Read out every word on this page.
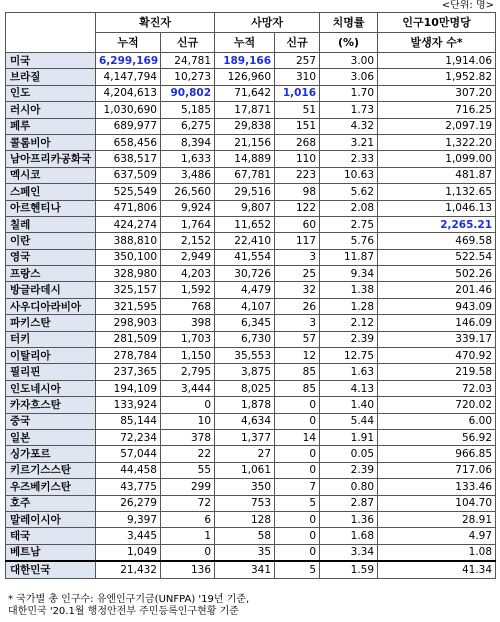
<단위: 명>
	확진자		사망자		치명률	인구10만명당
	누적	신규	누적	신규	(%)	발생자 수*
미국	6,299,169	24,781	189,166	257	3.00	1,914.06
브라질	4,147,794	10,273	126,960	310	3.06	1,952.82
인도	4,204,613	90,802	71,642	1,016	1.70	307.20
러시아	1,030,690	5,185	17,871	51	1.73	716.25
페루	689,977	6,275	29,838	151	4.32	2,097.19
콜롬비아	658,456	8,394	21,156	268	3.21	1,322.20
남아프리카공화국	638,517	1,633	14,889	110	2.33	1,099.00
멕시코	637,509	3,486	67,781	223	10.63	481.87
스페인	525,549	26,560	29,516	98	5.62	1,132.65
아르헨티나	471,806	9,924	9,807	122	2.08	1,046.13
칠레	424,274	1,764	11,652	60	2.75	2,265.21
이란	388,810	2,152	22,410	117	5.76	469.58
영국	350,100	2,949	41,554	3	11.87	522.54
프랑스	328,980	4,203	30,726	25	9.34	502.26
방글라데시	325,157	1,592	4,479	32	1.38	201.46
사우디아라비아	321,595	768	4,107	26	1.28	943.09
파키스탄	298,903	398	6,345	3	2.12	146.09
터키	281,509	1,703	6,730	57	2.39	339.17
이탈리아	278,784	1,150	35,553	12	12.75	470.92
필리핀	237,365	2,795	3,875	85	1.63	219.58
인도네시아	194,109	3,444	8,025	85	4.13	72.03
카자흐스탄	133,924	0	1,878	0	1.40	720.02
중국	85,144	10	4,634	0	5.44	6.00
일본	72,234	378	1,377	14	1.91	56.92
싱가포르	57,044	22	27	0	0.05	966.85
키르기스스탄	44,458	55	1,061	0	2.39	717.06
우즈베키스탄	43,775	299	350	7	0.80	133.46
호주	26,279	72	753	5	2.87	104.70
말레이시아	9,397	6	128	0	1.36	28.91
태국	3,445	1	58	0	1.68	4.97
베트남	1,049	0	35	0	3.34	1.08
대한민국	21,432	136	341	5	1.59	41.34
* 국가별 총 인구수: 유엔인구기금(UNFPA) '19년 기준,
대한민국 '20.1월 행정안전부 주민등록인구현황 기준
